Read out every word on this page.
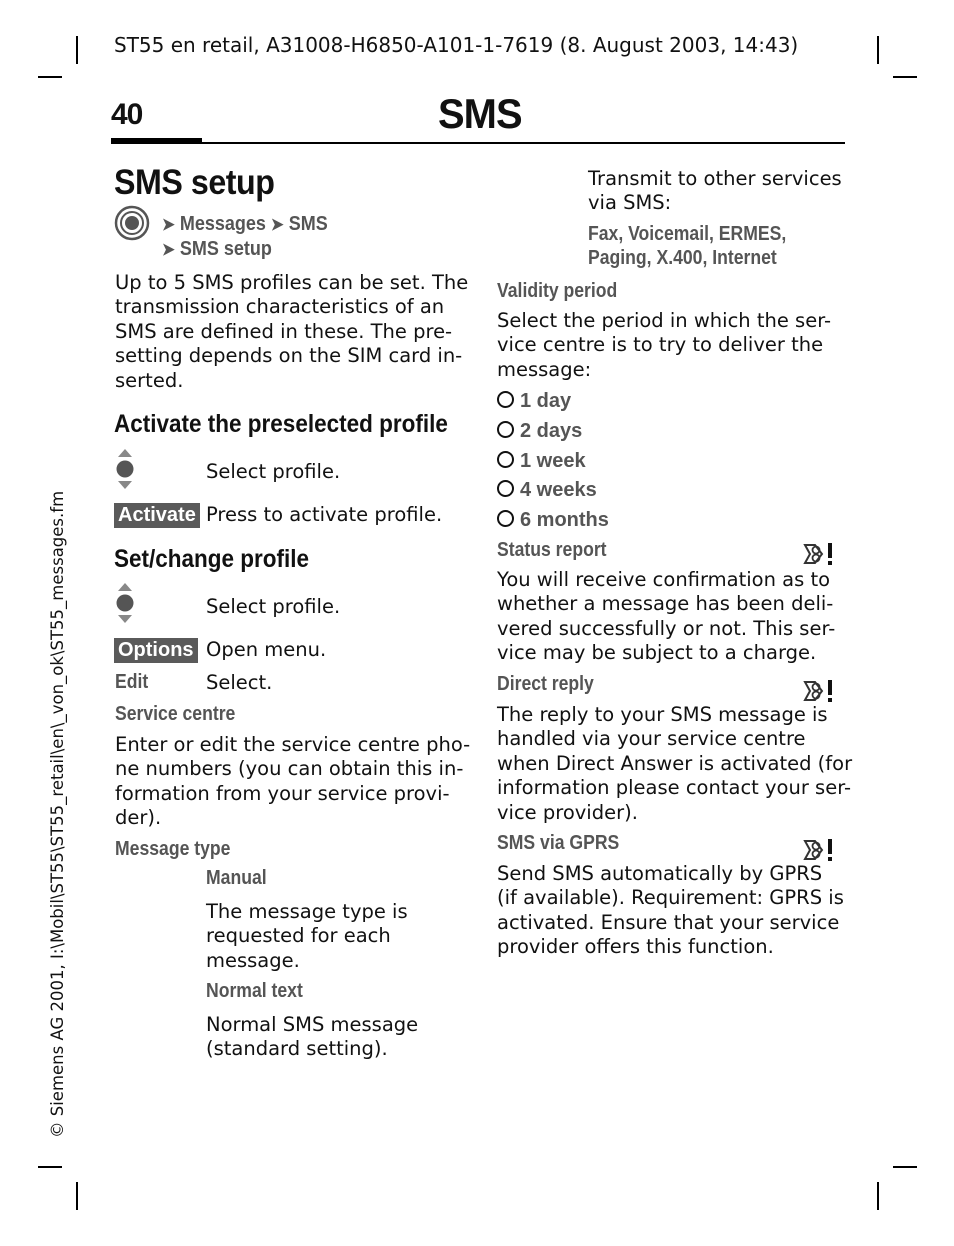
ST55 en retail, A31008-H6850-A101-1-7619 (8. August 2003, 14:43)
40	SMS
© Siemens AG 2001, I:\Mobil\ST55\ST55_retail\en\_von_ok\ST55_messages.fm
SMS setup
➤ Messages ➤ SMS
➤ SMS setup
Up to 5 SMS profiles can be set. The
transmission characteristics of an
SMS are defined in these. The pre-
setting depends on the SIM card in-
serted.
Activate the preselected profile
Select profile.
Activate Press to activate profile.
Set/change profile
Select profile.
Options Open menu.
Edit	Select.
Service centre
Enter or edit the service centre pho-
ne numbers (you can obtain this in-
formation from your service provi-
der).
Message type
Manual
The message type is
requested for each
message.
Normal text
Normal SMS message
(standard setting).
Transmit to other services
via SMS:
Fax, Voicemail, ERMES,
Paging, X.400, Internet
Validity period
Select the period in which the ser-
vice centre is to try to deliver the
message:
1 day
2 days
1 week
4 weeks
6 months
Status report
You will receive confirmation as to
whether a message has been deli-
vered successfully or not. This ser-
vice may be subject to a charge.
Direct reply
The reply to your SMS message is
handled via your service centre
when Direct Answer is activated (for
information please contact your ser-
vice provider).
SMS via GPRS
Send SMS automatically by GPRS
(if available). Requirement: GPRS is
activated. Ensure that your service
provider offers this function.
